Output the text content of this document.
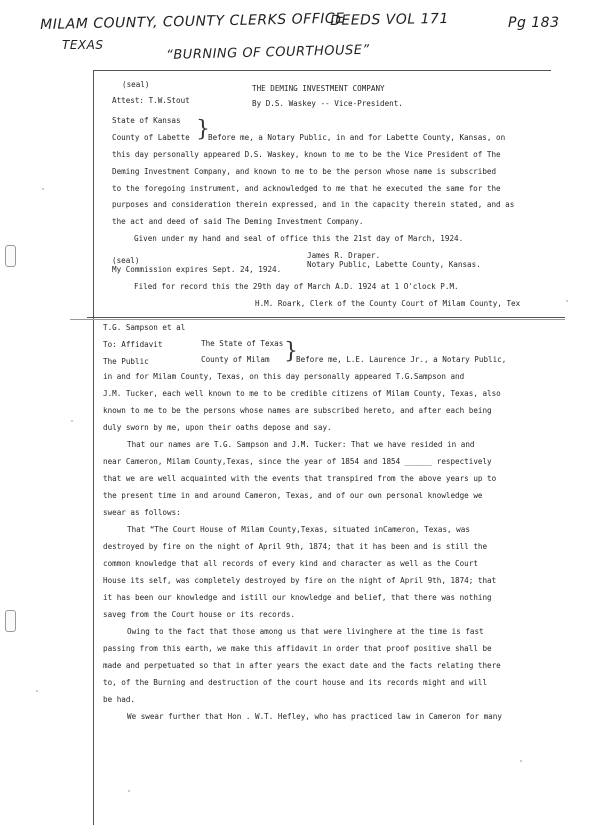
MILAM COUNTY, COUNTY CLERKS OFFICE
TEXAS
DEEDS VOL 171	Pg 183
“BURNING OF COURTHOUSE”
(seal)	THE DEMING INVESTMENT COMPANY
Attest: T.W.Stout	By D.S. Waskey -- Vice-President.
State of Kansas
County of Labette }
Before me, a Notary Public, in and for Labette County, Kansas, on
this day personally appeared D.S. Waskey, known to me to be the Vice President of The
Deming Investment Company, and known to me to be the person whose name is subscribed
to the foregoing instrument, and acknowledged to me that he executed the same for the
purposes and consideration therein expressed, and in the capacity therein stated, and as
the act and deed of said The Deming Investment Company.
Given under my hand and seal of office this the 21st day of March, 1924.
James R. Draper.
(seal)	Notary Public, Labette County, Kansas.
My Commission expires Sept. 24, 1924.
Filed for record this the 29th day of March A.D. 1924 at 1 O'clock P.M.
H.M. Roark, Clerk of the County Court of Milam County, Tex
T.G. Sampson et al
To: Affidavit	The State of Texas
The Public	County of Milam }
Before me, L.E. Laurence Jr., a Notary Public,
in and for Milam County, Texas, on this day personally appeared T.G.Sampson and
J.M. Tucker, each well known to me to be credible citizens of Milam County, Texas, also
known to me to be the persons whose names are subscribed hereto, and after each being
duly sworn by me, upon their oaths depose and say.
That our names are T.G. Sampson and J.M. Tucker: That we have resided in and
near Cameron, Milam County,Texas, since the year of 1854 and 1854 ______ respectively
that we are well acquainted with the events that transpired from the above years up to
the present time in and around Cameron, Texas, and of our own personal knowledge we
swear as follows:
That “The Court House of Milam County,Texas, situated inCameron, Texas, was
destroyed by fire on the night of April 9th, 1874; that it has been and is still the
common knowledge that all records of every kind and character as well as the Court
House its self, was completely destroyed by fire on the night of April 9th, 1874; that
it has been our knowledge and istill our knowledge and belief, that there was nothing
saveg from the Court house or its records.
Owing to the fact that those among us that were livinghere at the time is fast
passing from this earth, we make this affidavit in order that proof positive shall be
made and perpetuated so that in after years the exact date and the facts relating there
to, of the Burning and destruction of the court house and its records might and will
be had.
We swear further that Hon . W.T. Hefley, who has practiced law in Cameron for many
